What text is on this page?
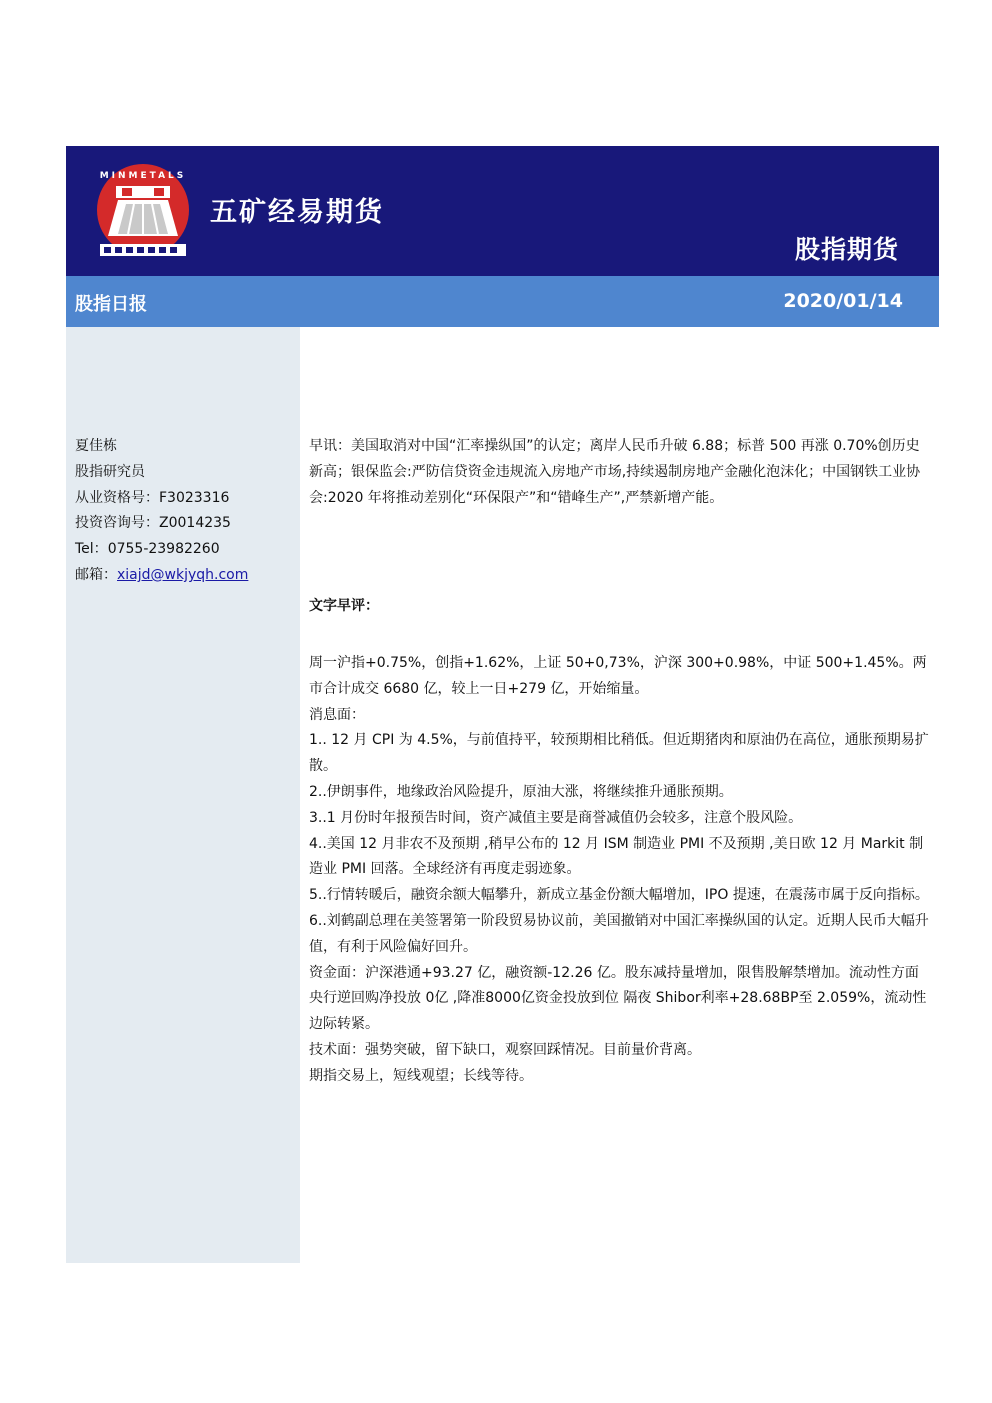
MINMETALS
五矿经易期货
股指期货
股指日报	2020/01/14
夏佳栋
股指研究员
从业资格号：F3023316
投资咨询号：Z0014235
Tel：0755-23982260
邮箱：xiajd@wkjyqh.com

早讯：美国取消对中国“汇率操纵国”的认定；离岸人民币升破 6.88；标普 500 再涨 0.70%创历史新高；银保监会:严防信贷资金违规流入房地产市场,持续遏制房地产金融化泡沫化；中国钢铁工业协会:2020 年将推动差别化“环保限产”和“错峰生产”,严禁新增产能。

文字早评：

周一沪指+0.75%，创指+1.62%，上证 50+0,73%，沪深 300+0.98%，中证 500+1.45%。两市合计成交 6680 亿，较上一日+279 亿，开始缩量。

消息面：

1.. 12 月 CPI 为 4.5%，与前值持平，较预期相比稍低。但近期猪肉和原油仍在高位，通胀预期易扩散。

2..伊朗事件，地缘政治风险提升，原油大涨，将继续推升通胀预期。

3..1 月份时年报预告时间，资产减值主要是商誉减值仍会较多，注意个股风险。

4..美国 12 月非农不及预期 ,稍早公布的 12 月 ISM 制造业 PMI 不及预期 ,美日欧 12 月 Markit 制造业 PMI 回落。全球经济有再度走弱迹象。

5..行情转暖后，融资余额大幅攀升，新成立基金份额大幅增加，IPO 提速，在震荡市属于反向指标。

6..刘鹤副总理在美签署第一阶段贸易协议前，美国撤销对中国汇率操纵国的认定。近期人民币大幅升值，有利于风险偏好回升。

资金面：沪深港通+93.27 亿，融资额-12.26 亿。股东减持量增加，限售股解禁增加。流动性方面 央行逆回购净投放 0亿 ,降准8000亿资金投放到位 隔夜 Shibor利率+28.68BP至 2.059%，流动性边际转紧。

技术面：强势突破，留下缺口，观察回踩情况。目前量价背离。

期指交易上，短线观望；长线等待。
